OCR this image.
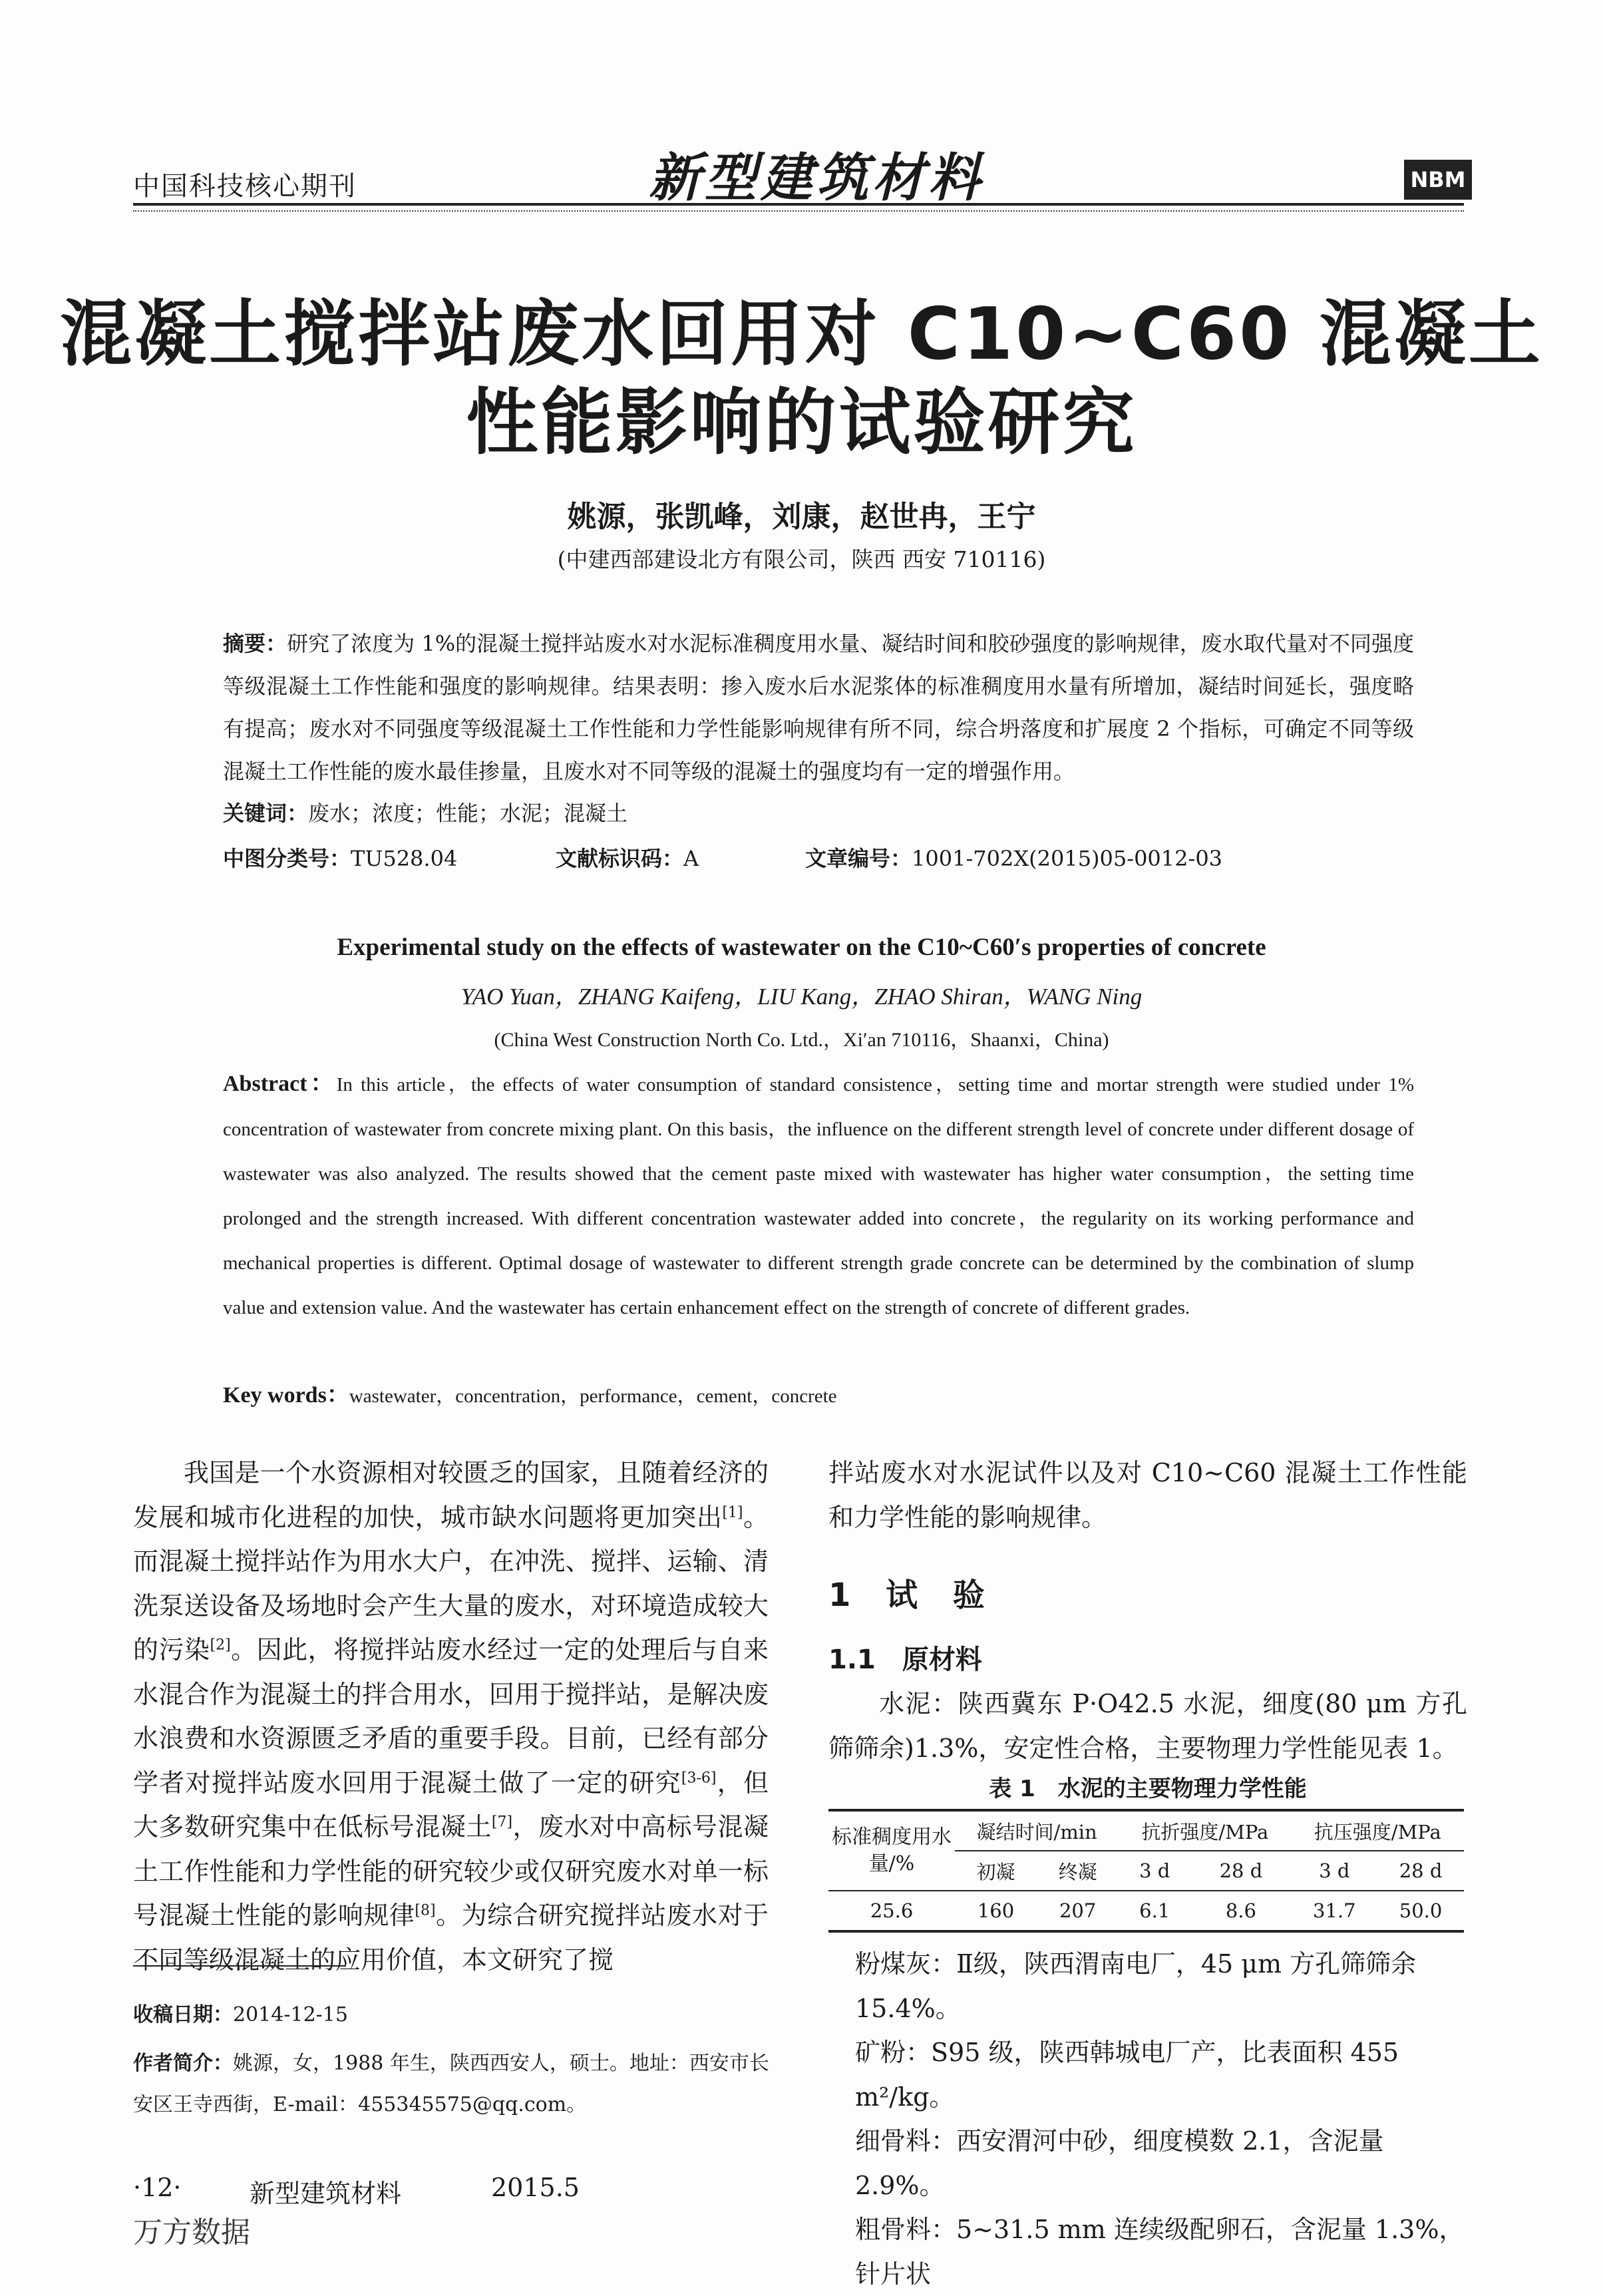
中国科技核心期刊	新型建筑材料	NBM
混凝土搅拌站废水回用对 C10~C60 混凝土
性能影响的试验研究
姚源，张凯峰，刘康，赵世冉，王宁
(中建西部建设北方有限公司，陕西 西安 710116)
摘要：研究了浓度为 1%的混凝土搅拌站废水对水泥标准稠度用水量、凝结时间和胶砂强度的影响规律，废水取代量对不同强度等级混凝土工作性能和强度的影响规律。结果表明：掺入废水后水泥浆体的标准稠度用水量有所增加，凝结时间延长，强度略有提高；废水对不同强度等级混凝土工作性能和力学性能影响规律有所不同，综合坍落度和扩展度 2 个指标，可确定不同等级混凝土工作性能的废水最佳掺量，且废水对不同等级的混凝土的强度均有一定的增强作用。
关键词：废水；浓度；性能；水泥；混凝土
中图分类号：TU528.04	文献标识码：A	文章编号：1001-702X(2015)05-0012-03
Experimental study on the effects of wastewater on the C10~C60′s properties of concrete
YAO Yuan，ZHANG Kaifeng，LIU Kang，ZHAO Shiran，WANG Ning
(China West Construction North Co. Ltd.，Xi′an 710116，Shaanxi，China)
Abstract：In this article，the effects of water consumption of standard consistence，setting time and mortar strength were studied under 1% concentration of wastewater from concrete mixing plant. On this basis，the influence on the different strength level of concrete under different dosage of wastewater was also analyzed. The results showed that the cement paste mixed with wastewater has higher water consumption，the setting time prolonged and the strength increased. With different concentration wastewater added into concrete，the regularity on its working performance and mechanical properties is different. Optimal dosage of wastewater to different strength grade concrete can be determined by the combination of slump value and extension value. And the wastewater has certain enhancement effect on the strength of concrete of different grades.
Key words：wastewater，concentration，performance，cement，concrete
我国是一个水资源相对较匮乏的国家，且随着经济的发展和城市化进程的加快，城市缺水问题将更加突出[1]。而混凝土搅拌站作为用水大户，在冲洗、搅拌、运输、清洗泵送设备及场地时会产生大量的废水，对环境造成较大的污染[2]。因此，将搅拌站废水经过一定的处理后与自来水混合作为混凝土的拌合用水，回用于搅拌站，是解决废水浪费和水资源匮乏矛盾的重要手段。目前，已经有部分学者对搅拌站废水回用于混凝土做了一定的研究[3-6]，但大多数研究集中在低标号混凝土[7]，废水对中高标号混凝土工作性能和力学性能的研究较少或仅研究废水对单一标号混凝土性能的影响规律[8]。为综合研究搅拌站废水对于不同等级混凝土的应用价值，本文研究了搅
拌站废水对水泥试件以及对 C10~C60 混凝土工作性能和力学性能的影响规律。
1 试 验
1.1 原材料
水泥：陕西冀东 P·O42.5 水泥，细度(80 μm 方孔筛筛余)1.3%，安定性合格，主要物理力学性能见表 1。
表 1　水泥的主要物理力学性能
标准稠度用水量/%	凝结时间/min		抗折强度/MPa		抗压强度/MPa	
	初凝	终凝	3 d	28 d	3 d	28 d
25.6	160	207	6.1	8.6	31.7	50.0
粉煤灰：Ⅱ级，陕西渭南电厂，45 μm 方孔筛筛余 15.4%。
矿粉：S95 级，陕西韩城电厂产，比表面积 455 m²/kg。
细骨料：西安渭河中砂，细度模数 2.1，含泥量2.9%。
粗骨料：5~31.5 mm 连续级配卵石，含泥量 1.3%，针片状
收稿日期：2014-12-15
作者简介：姚源，女，1988 年生，陕西西安人，硕士。地址：西安市长安区王寺西街，E-mail：455345575@qq.com。
·12·	新型建筑材料	2015.5
万方数据
